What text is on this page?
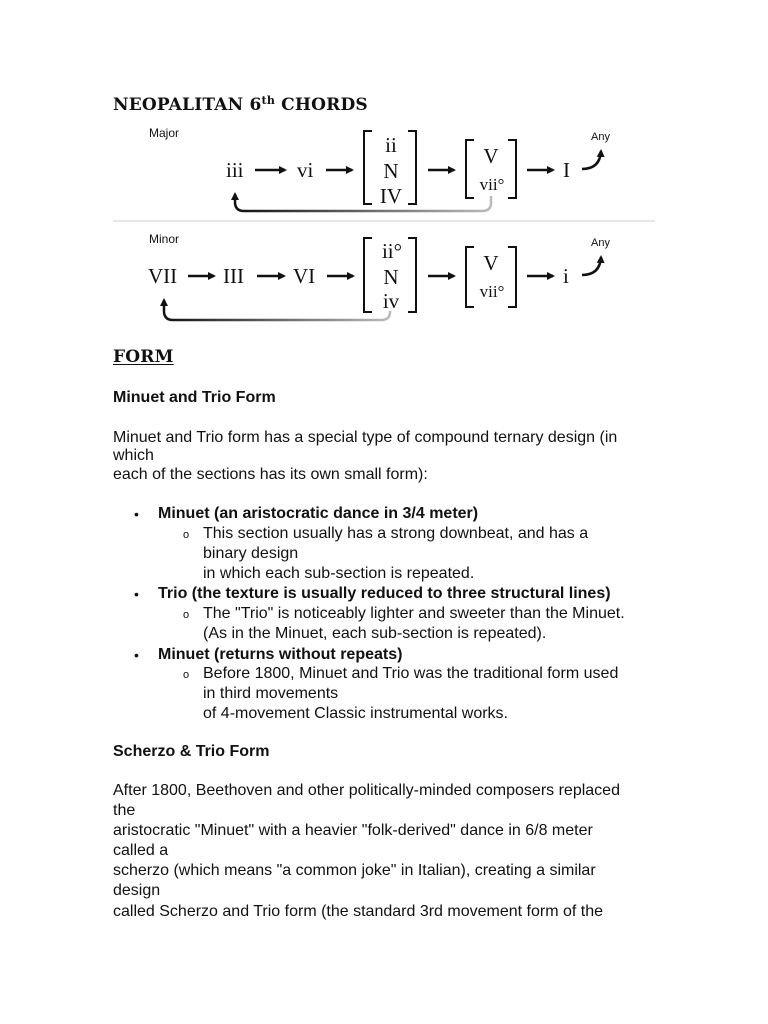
NEOPALITAN 6th CHORDS
Major
iii	vi
ii
N
IV
V
vii°
I
Any
Minor
VII III VI
ii°
N
iv
V
vii°
i
Any
FORM
Minuet and Trio Form
Minuet and Trio form has a special type of compound ternary design (in
which
each of the sections has its own small form):
• Minuet (an aristocratic dance in 3/4 meter)
o This section usually has a strong downbeat, and has a
binary design
in which each sub-section is repeated.
• Trio (the texture is usually reduced to three structural lines)
o The "Trio" is noticeably lighter and sweeter than the Minuet.
(As in the Minuet, each sub-section is repeated).
• Minuet (returns without repeats)
o Before 1800, Minuet and Trio was the traditional form used
in third movements
of 4-movement Classic instrumental works.
Scherzo & Trio Form
After 1800, Beethoven and other politically-minded composers replaced
the
aristocratic "Minuet" with a heavier "folk-derived" dance in 6/8 meter
called a
scherzo (which means "a common joke" in Italian), creating a similar
design
called Scherzo and Trio form (the standard 3rd movement form of the
